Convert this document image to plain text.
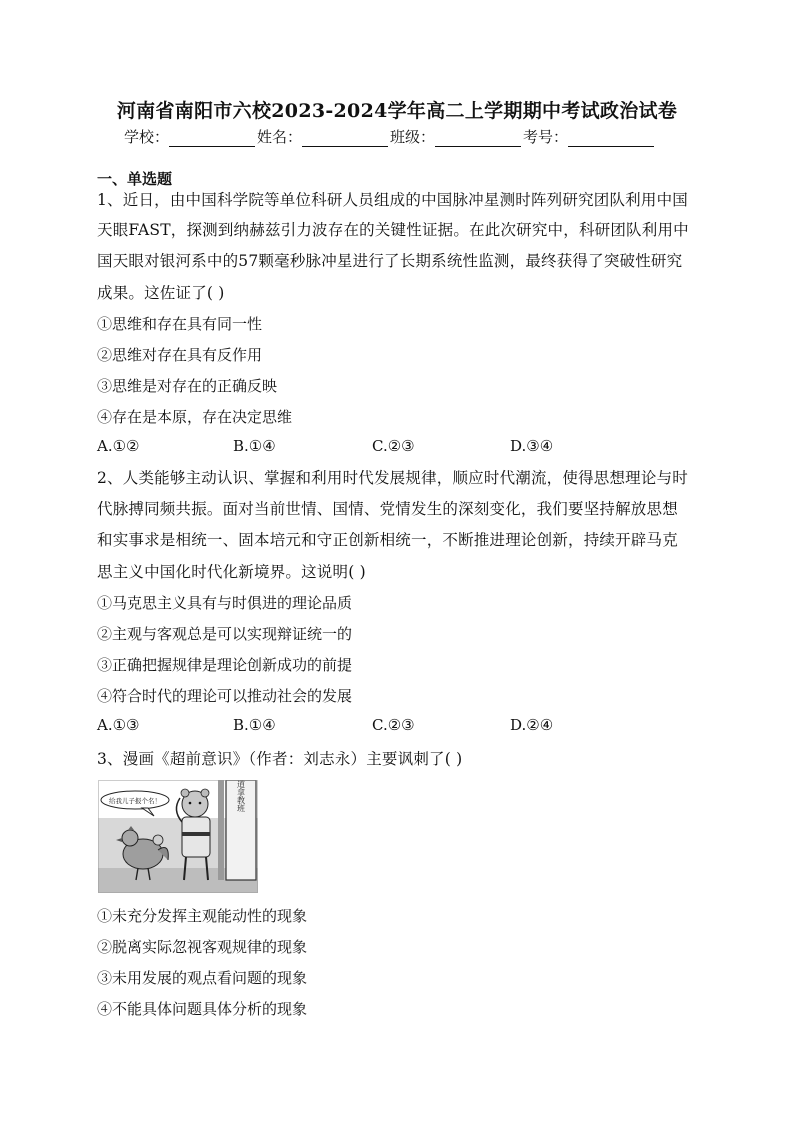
河南省南阳市六校2023-2024学年高二上学期期中考试政治试卷
学校：	姓名：	班级：	考号：
一、单选题
1、近日，由中国科学院等单位科研人员组成的中国脉冲星测时阵列研究团队利用中国
天眼FAST，探测到纳赫兹引力波存在的关键性证据。在此次研究中，科研团队利用中
国天眼对银河系中的57颗毫秒脉冲星进行了长期系统性监测，最终获得了突破性研究
成果。这佐证了( )
①思维和存在具有同一性
②思维对存在具有反作用
③思维是对存在的正确反映
④存在是本原，存在决定思维
A.①②	B.①④	C.②③	D.③④
2、人类能够主动认识、掌握和利用时代发展规律，顺应时代潮流，使得思想理论与时
代脉搏同频共振。面对当前世情、国情、党情发生的深刻变化，我们要坚持解放思想
和实事求是相统一、固本培元和守正创新相统一，不断推进理论创新，持续开辟马克
思主义中国化时代化新境界。这说明( )
①马克思主义具有与时俱进的理论品质
②主观与客观总是可以实现辩证统一的
③正确把握规律是理论创新成功的前提
④符合时代的理论可以推动社会的发展
A.①③	B.①④	C.②③	D.②④
3、漫画《超前意识》（作者：刘志永）主要讽刺了( )
驹奔道拿教班
给我儿子报个名！
①未充分发挥主观能动性的现象
②脱离实际忽视客观规律的现象
③未用发展的观点看问题的现象
④不能具体问题具体分析的现象
